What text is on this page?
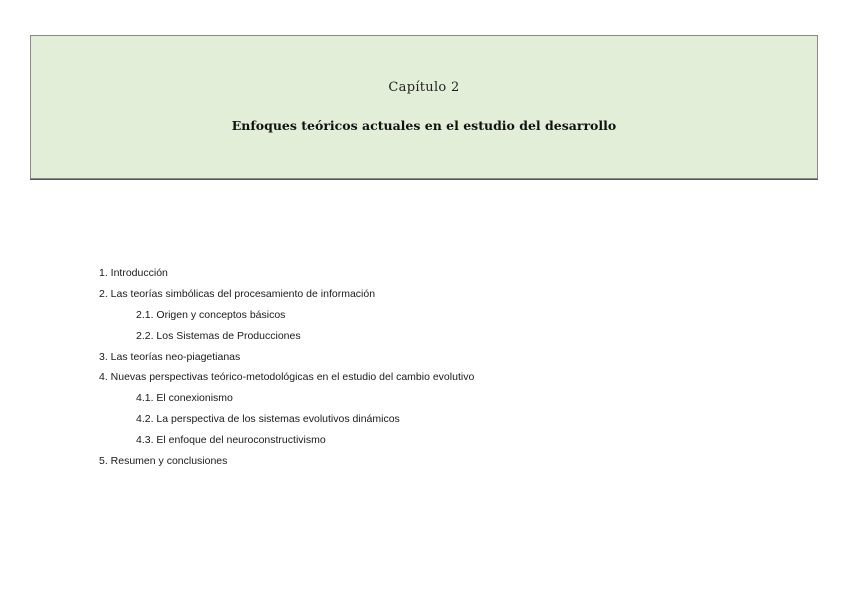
Capítulo 2
Enfoques teóricos actuales en el estudio del desarrollo
1. Introducción
2. Las teorías simbólicas del procesamiento de información
2.1. Origen y conceptos básicos
2.2. Los Sistemas de Producciones
3. Las teorías neo-piagetianas
4. Nuevas perspectivas teórico-metodológicas en el estudio del cambio evolutivo
4.1. El conexionismo
4.2. La perspectiva de los sistemas evolutivos dinámicos
4.3. El enfoque del neuroconstructivismo
5. Resumen y conclusiones
